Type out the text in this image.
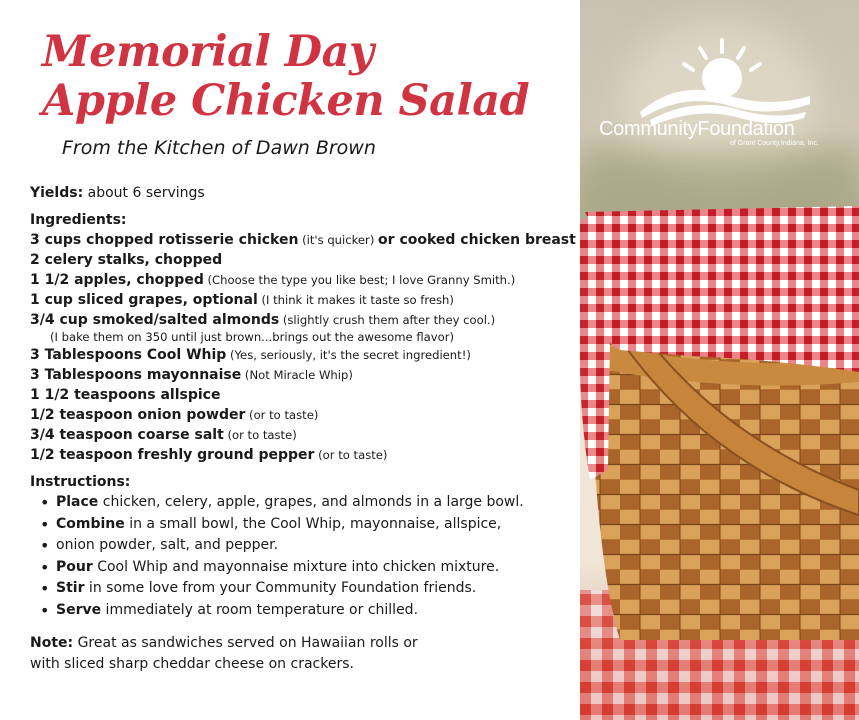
Memorial Day
Apple Chicken Salad
From the Kitchen of Dawn Brown
Yields: about 6 servings
Ingredients:
3 cups chopped rotisserie chicken (it's quicker) or cooked chicken breast
2 celery stalks, chopped
1 1/2 apples, chopped (Choose the type you like best; I love Granny Smith.)
1 cup sliced grapes, optional (I think it makes it taste so fresh)
3/4 cup smoked/salted almonds (slightly crush them after they cool.)
(I bake them on 350 until just brown...brings out the awesome flavor)
3 Tablespoons Cool Whip (Yes, seriously, it's the secret ingredient!)
3 Tablespoons mayonnaise (Not Miracle Whip)
1 1/2 teaspoons allspice
1/2 teaspoon onion powder (or to taste)
3/4 teaspoon coarse salt (or to taste)
1/2 teaspoon freshly ground pepper (or to taste)
Instructions:
• Place chicken, celery, apple, grapes, and almonds in a large bowl.
• Combine in a small bowl, the Cool Whip, mayonnaise, allspice,
• onion powder, salt, and pepper.
• Pour Cool Whip and mayonnaise mixture into chicken mixture.
• Stir in some love from your Community Foundation friends.
• Serve immediately at room temperature or chilled.
Note: Great as sandwiches served on Hawaiian rolls or
with sliced sharp cheddar cheese on crackers.
CommunityFoundation
of Grant County,Indiana, Inc.
